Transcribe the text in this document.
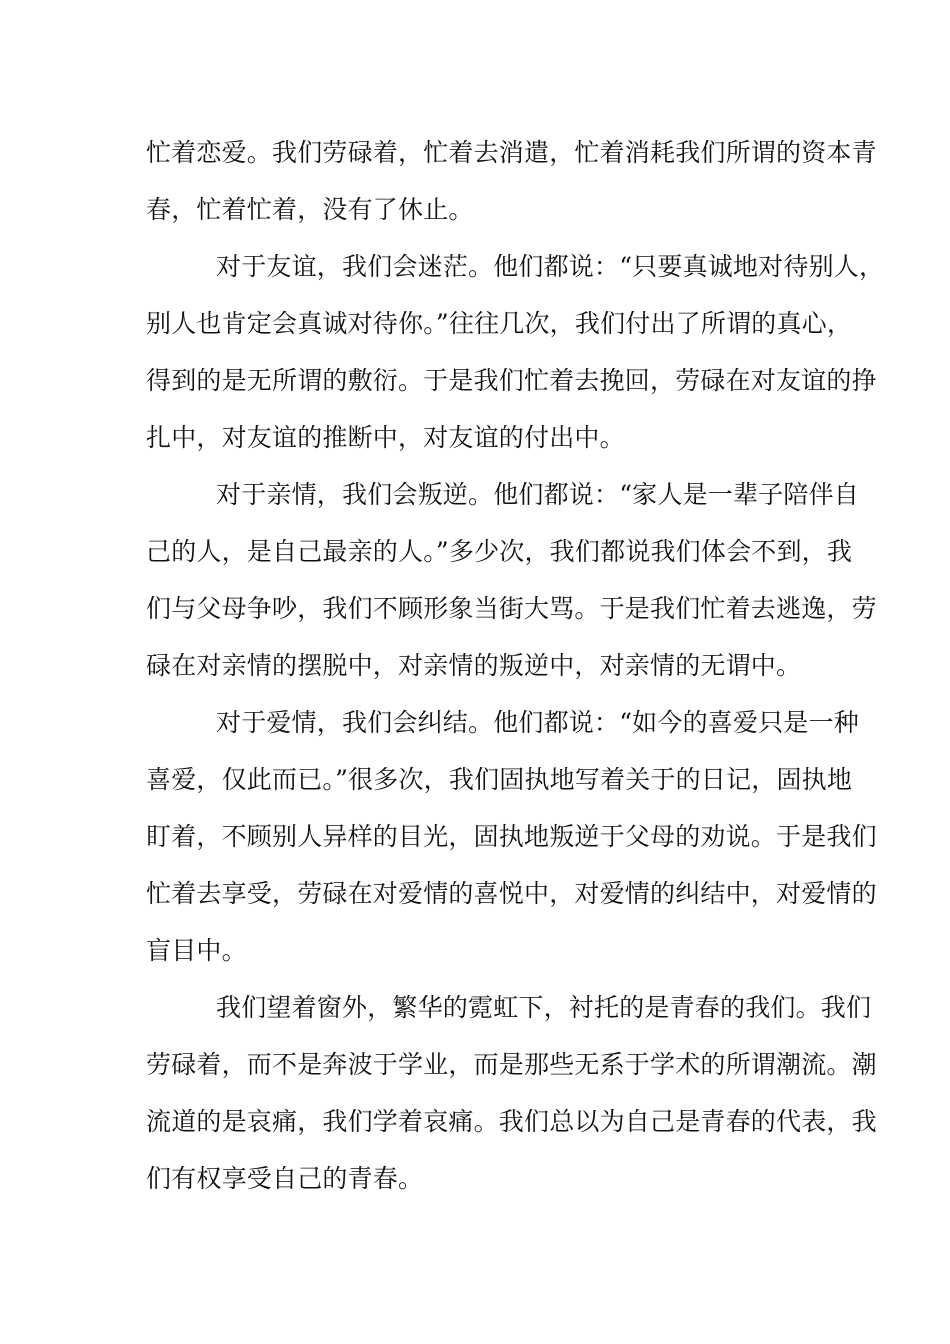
忙着恋爱。我们劳碌着，忙着去消遣，忙着消耗我们所谓的资本青
春，忙着忙着，没有了休止。
对于友谊，我们会迷茫。他们都说：“只要真诚地对待别人，
别人也肯定会真诚对待你。”往往几次，我们付出了所谓的真心，
得到的是无所谓的敷衍。于是我们忙着去挽回，劳碌在对友谊的挣
扎中，对友谊的推断中，对友谊的付出中。
对于亲情，我们会叛逆。他们都说：“家人是一辈子陪伴自
己的人，是自己最亲的人。”多少次，我们都说我们体会不到，我
们与父母争吵，我们不顾形象当街大骂。于是我们忙着去逃逸，劳
碌在对亲情的摆脱中，对亲情的叛逆中，对亲情的无谓中。
对于爱情，我们会纠结。他们都说：“如今的喜爱只是一种
喜爱，仅此而已。”很多次，我们固执地写着关于的日记，固执地
盯着，不顾别人异样的目光，固执地叛逆于父母的劝说。于是我们
忙着去享受，劳碌在对爱情的喜悦中，对爱情的纠结中，对爱情的
盲目中。
我们望着窗外，繁华的霓虹下，衬托的是青春的我们。我们
劳碌着，而不是奔波于学业，而是那些无系于学术的所谓潮流。潮
流道的是哀痛，我们学着哀痛。我们总以为自己是青春的代表，我
们有权享受自己的青春。
